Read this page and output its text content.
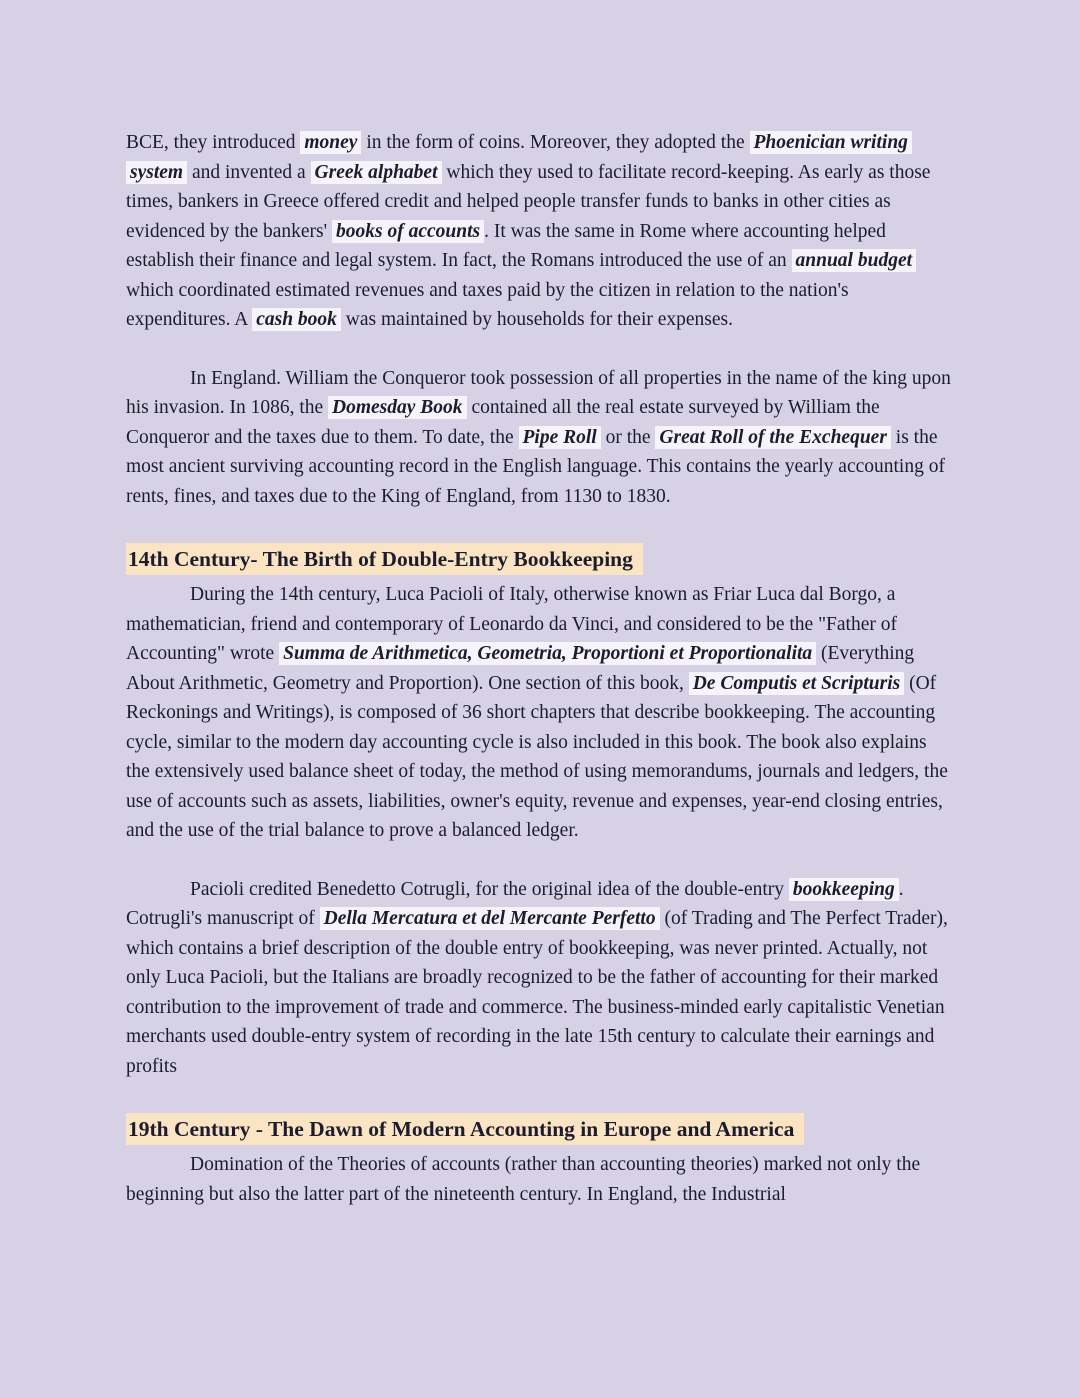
BCE, they introduced money in the form of coins. Moreover, they adopted the Phoenician writing system and invented a Greek alphabet which they used to facilitate record-keeping. As early as those times, bankers in Greece offered credit and helped people transfer funds to banks in other cities as evidenced by the bankers' books of accounts . It was the same in Rome where accounting helped establish their finance and legal system. In fact, the Romans introduced the use of an annual budget which coordinated estimated revenues and taxes paid by the citizen in relation to the nation's expenditures. A cash book was maintained by households for their expenses.

In England. William the Conqueror took possession of all properties in the name of the king upon his invasion. In 1086, the Domesday Book contained all the real estate surveyed by William the Conqueror and the taxes due to them. To date, the Pipe Roll or the Great Roll of the Exchequer is the most ancient surviving accounting record in the English language. This contains the yearly accounting of rents, fines, and taxes due to the King of England, from 1130 to 1830.

14th Century- The Birth of Double-Entry Bookkeeping

During the 14th century, Luca Pacioli of Italy, otherwise known as Friar Luca dal Borgo, a mathematician, friend and contemporary of Leonardo da Vinci, and considered to be the "Father of Accounting" wrote Summa de Arithmetica, Geometria, Proportioni et Proportionalita (Everything About Arithmetic, Geometry and Proportion). One section of this book, De Computis et Scripturis (Of Reckonings and Writings), is composed of 36 short chapters that describe bookkeeping. The accounting cycle, similar to the modern day accounting cycle is also included in this book. The book also explains the extensively used balance sheet of today, the method of using memorandums, journals and ledgers, the use of accounts such as assets, liabilities, owner's equity, revenue and expenses, year-end closing entries, and the use of the trial balance to prove a balanced ledger.

Pacioli credited Benedetto Cotrugli, for the original idea of the double-entry bookkeeping . Cotrugli's manuscript of Della Mercatura et del Mercante Perfetto (of Trading and The Perfect Trader), which contains a brief description of the double entry of bookkeeping, was never printed. Actually, not only Luca Pacioli, but the Italians are broadly recognized to be the father of accounting for their marked contribution to the improvement of trade and commerce. The business-minded early capitalistic Venetian merchants used double-entry system of recording in the late 15th century to calculate their earnings and profits

19th Century - The Dawn of Modern Accounting in Europe and America

Domination of the Theories of accounts (rather than accounting theories) marked not only the beginning but also the latter part of the nineteenth century. In England, the Industrial
